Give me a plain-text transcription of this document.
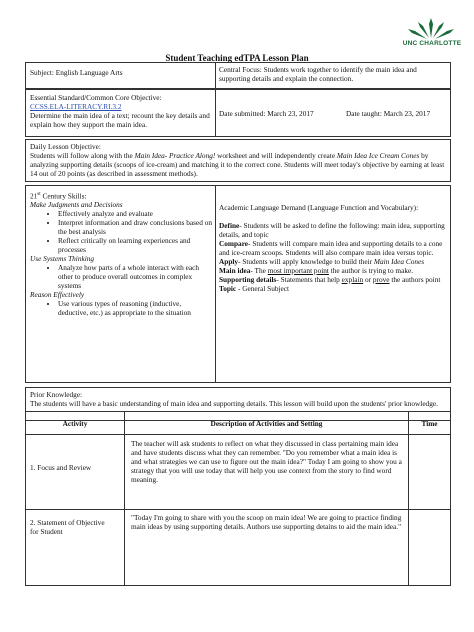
UNC CHARLOTTE
Student Teaching edTPA Lesson Plan
Subject: English Language Arts	Central Focus: Students work together to identify the main idea and supporting details and explain the connection.
Essential Standard/Common Core Objective:
CCSS.ELA-LITERACY.RI.3.2
Determine the main idea of a text; recount the key details and explain how they support the main idea.
Date submitted: March 23, 2017	Date taught: March 23, 2017
Daily Lesson Objective:
Students will follow along with the Main Idea- Practice Along! worksheet and will independently create Main Idea Ice Cream Cones by analyzing supporting details (scoops of ice-cream) and matching it to the correct cone. Students will meet today's objective by earning at least 14 out of 20 points (as described in assessment methods).
21st Century Skills:
Make Judgments and Decisions
• Effectively analyze and evaluate
• Interpret information and draw conclusions based on the best analysis
• Reflect critically on learning experiences and processes
Use Systems Thinking
• Analyze how parts of a whole interact with each other to produce overall outcomes in complex systems
Reason Effectively
• Use various types of reasoning (inductive, deductive, etc.) as appropriate to the situation
Academic Language Demand (Language Function and Vocabulary):
Define- Students will be asked to define the following: main idea, supporting details, and topic
Compare- Students will compare main idea and supporting details to a cone and ice-cream scoops. Students will also compare main idea versus topic.
Apply- Students will apply knowledge to build their Main Idea Cones
Main idea- The most important point the author is trying to make.
Supporting details- Statements that help explain or prove the authors point
Topic - General Subject
Prior Knowledge:
The students will have a basic understanding of main idea and supporting details. This lesson will build upon the students' prior knowledge.
Activity	Description of Activities and Setting	Time
1. Focus and Review
The teacher will ask students to reflect on what they discussed in class pertaining main idea and have students discuss what they can remember. "Do you remember what a main idea is and what strategies we can use to figure out the main idea?" Today I am going to show you a strategy that you will use today that will help you use context from the story to find word meaning.
2. Statement of Objective for Student
"Today I'm going to share with you the scoop on main idea! We are going to practice finding main ideas by using supporting details. Authors use supporting detains to aid the main idea."
